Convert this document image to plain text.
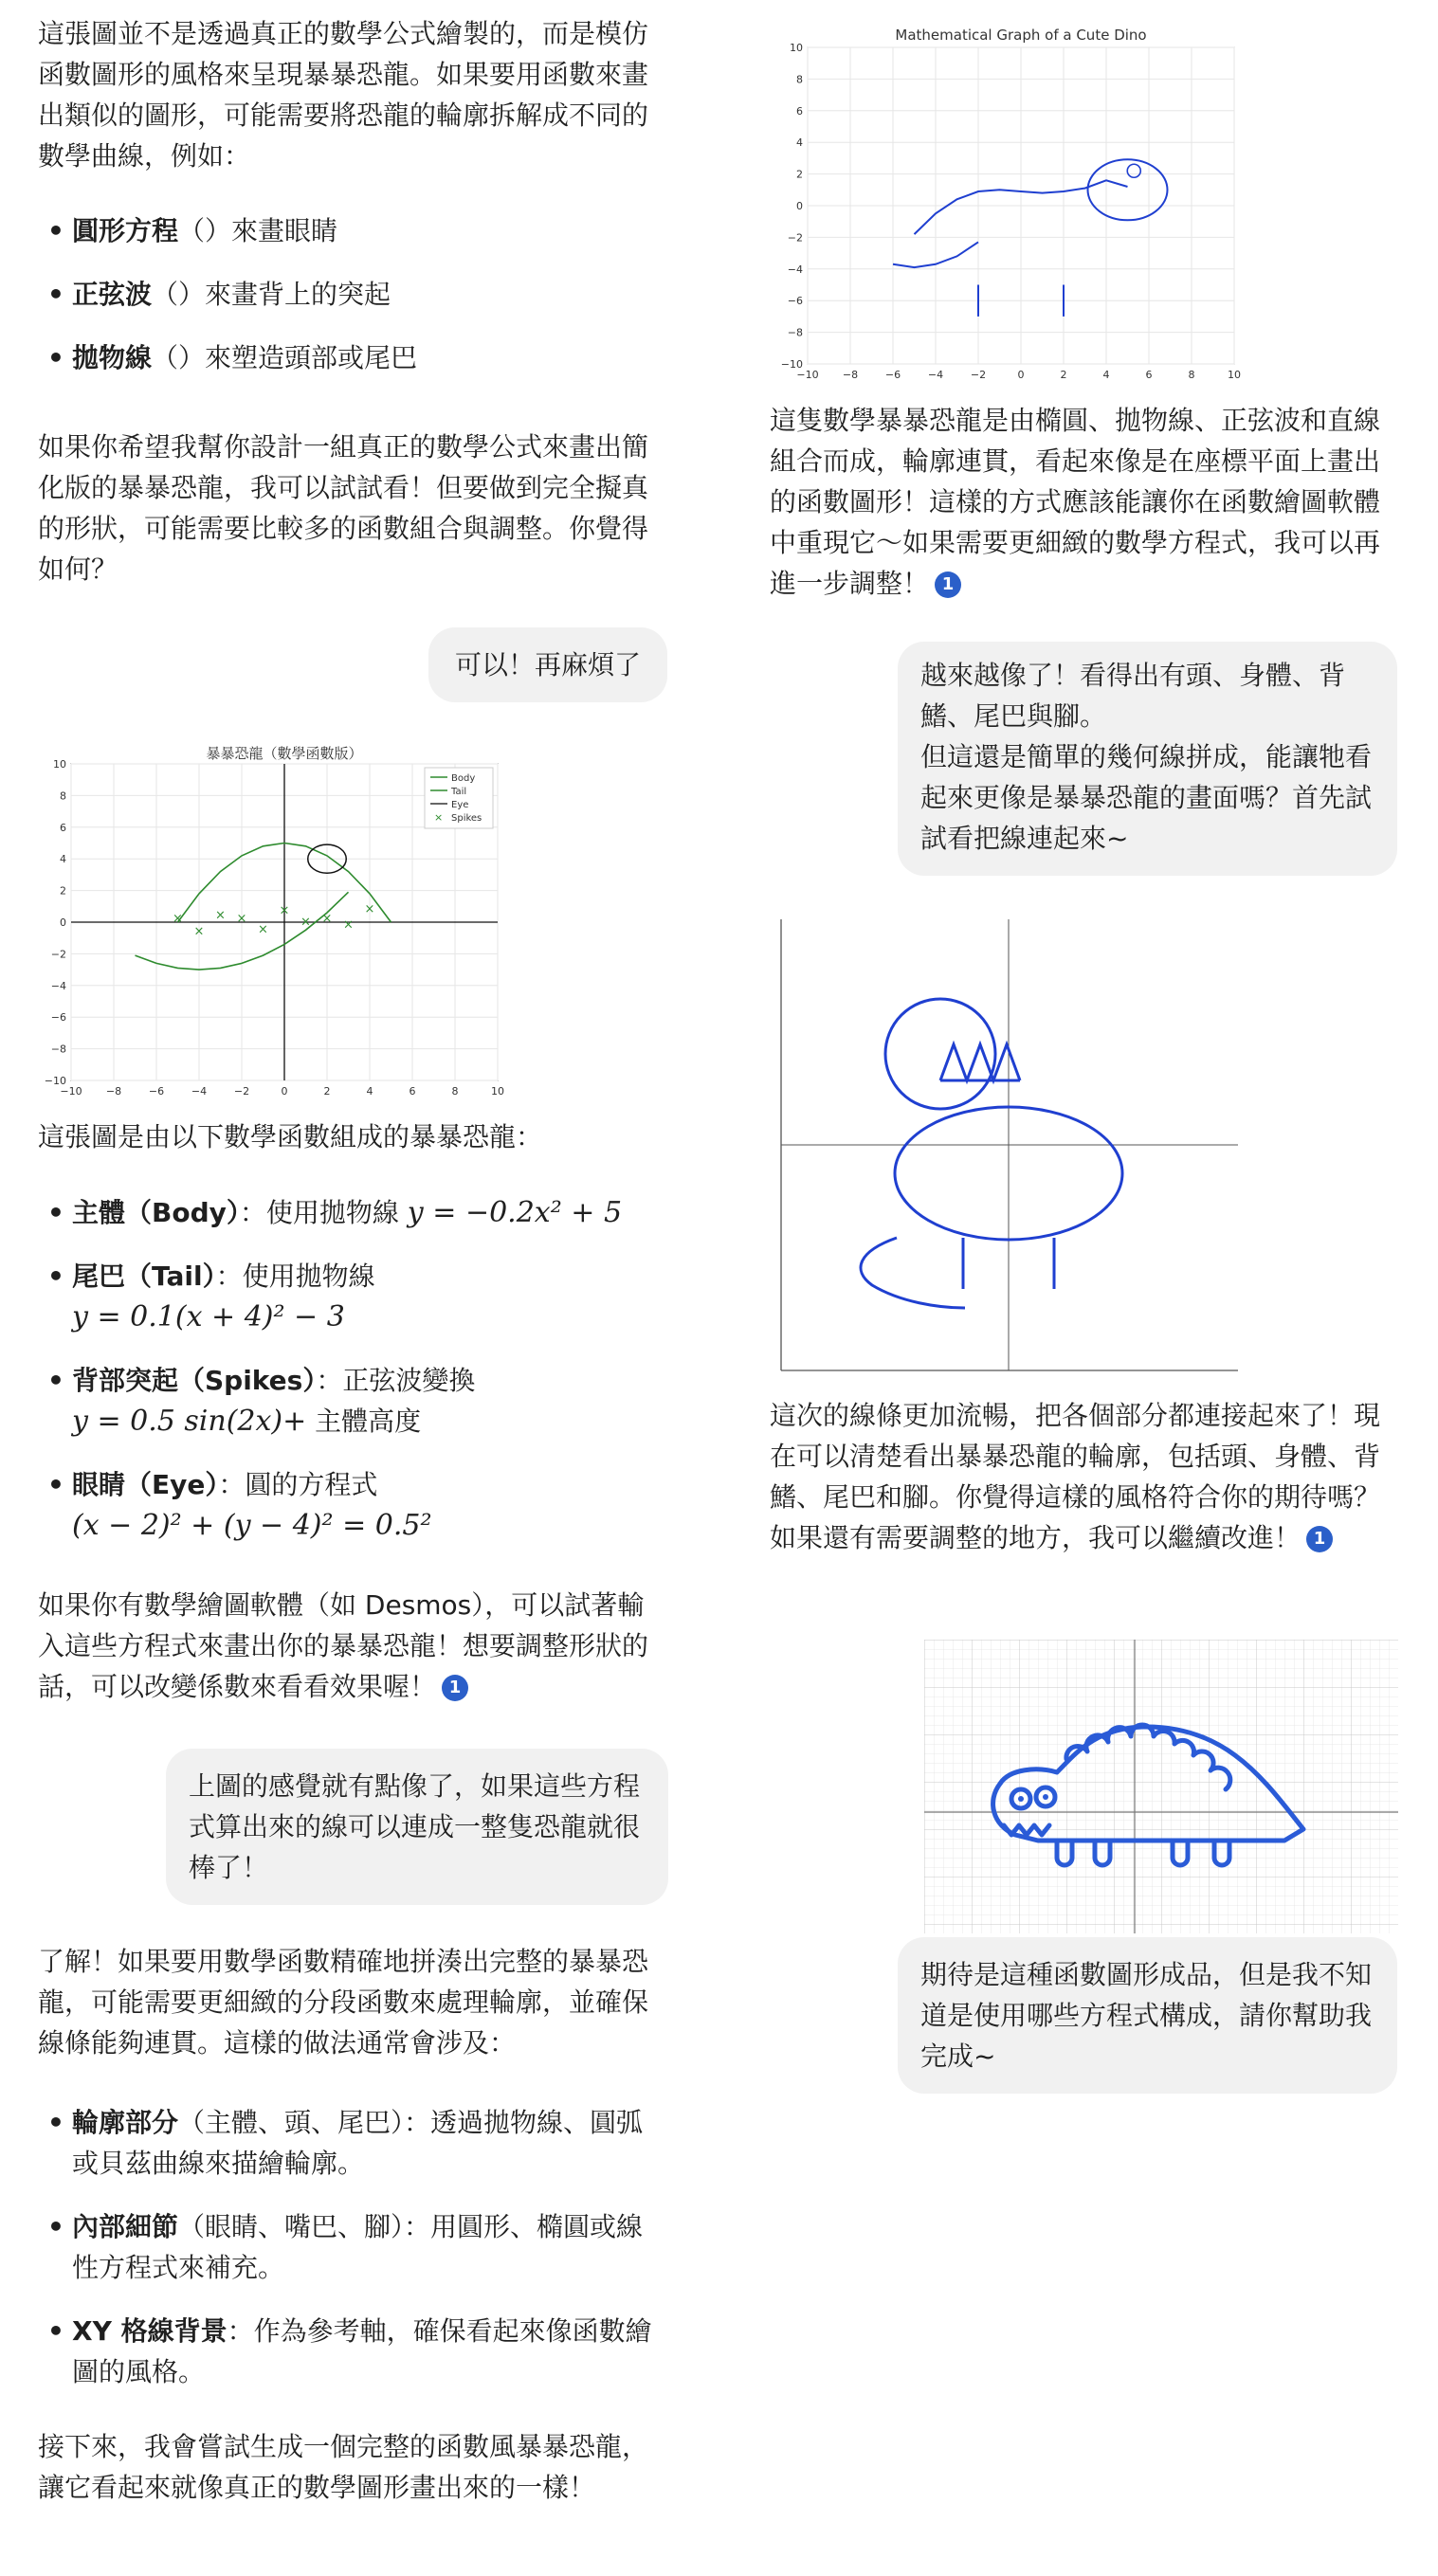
這張圖並不是透過真正的數學公式繪製的，而是模仿函數圖形的風格來呈現暴暴恐龍。如果要用函數來畫出類似的圖形，可能需要將恐龍的輪廓拆解成不同的數學曲線，例如：

• 圓形方程（）來畫眼睛
• 正弦波（）來畫背上的突起
• 拋物線（）來塑造頭部或尾巴

如果你希望我幫你設計一組真正的數學公式來畫出簡化版的暴暴恐龍，我可以試試看！但要做到完全擬真的形狀，可能需要比較多的函數組合與調整。你覺得如何？

可以！再麻煩了
−10 −8	−6	−4	−2	0	2	4	6	8	10
−10
−8
−6
−4
−2
0
2
4
6
8
10
×
×
× ×
×
×
× × ×
×
暴暴恐龍（數學函數版）
Body
Tail
Eye
× Spikes

這張圖是由以下數學函數組成的暴暴恐龍：

• 主體（Body）：使用拋物線 y = −0.2x² + 5
• 尾巴（Tail）：使用拋物線
y = 0.1(x + 4)² − 3
• 背部突起（Spikes）：正弦波變換
y = 0.5 sin(2x)+ 主體高度
• 眼睛（Eye）：圓的方程式
(x − 2)² + (y − 4)² = 0.5²

如果你有數學繪圖軟體（如 Desmos），可以試著輸入這些方程式來畫出你的暴暴恐龍！想要調整形狀的話，可以改變係數來看看效果喔！ 1

上圖的感覺就有點像了，如果這些方程式算出來的線可以連成一整隻恐龍就很棒了！

了解！如果要用數學函數精確地拼湊出完整的暴暴恐龍，可能需要更細緻的分段函數來處理輪廓，並確保線條能夠連貫。這樣的做法通常會涉及：

• 輪廓部分（主體、頭、尾巴）：透過拋物線、圓弧或貝茲曲線來描繪輪廓。
• 內部細節（眼睛、嘴巴、腳）：用圓形、橢圓或線性方程式來補充。
• XY 格線背景：作為參考軸，確保看起來像函數繪圖的風格。

接下來，我會嘗試生成一個完整的函數風暴暴恐龍，讓它看起來就像真正的數學圖形畫出來的一樣！

−10 −8	−6	−4	−2	0	2	4	6	8	10
−10
−8
−6
−4
−2
0
2
4
6
8
10
Mathematical Graph of a Cute Dino

這隻數學暴暴恐龍是由橢圓、拋物線、正弦波和直線組合而成，輪廓連貫，看起來像是在座標平面上畫出的函數圖形！這樣的方式應該能讓你在函數繪圖軟體中重現它～如果需要更細緻的數學方程式，我可以再進一步調整！ 1

越來越像了！看得出有頭、身體、背鰭、尾巴與腳。
但這還是簡單的幾何線拼成，能讓牠看起來更像是暴暴恐龍的畫面嗎？首先試試看把線連起來~

這次的線條更加流暢，把各個部分都連接起來了！現在可以清楚看出暴暴恐龍的輪廓，包括頭、身體、背鰭、尾巴和腳。你覺得這樣的風格符合你的期待嗎？如果還有需要調整的地方，我可以繼續改進！ 1

期待是這種函數圖形成品，但是我不知道是使用哪些方程式構成，請你幫助我完成~
